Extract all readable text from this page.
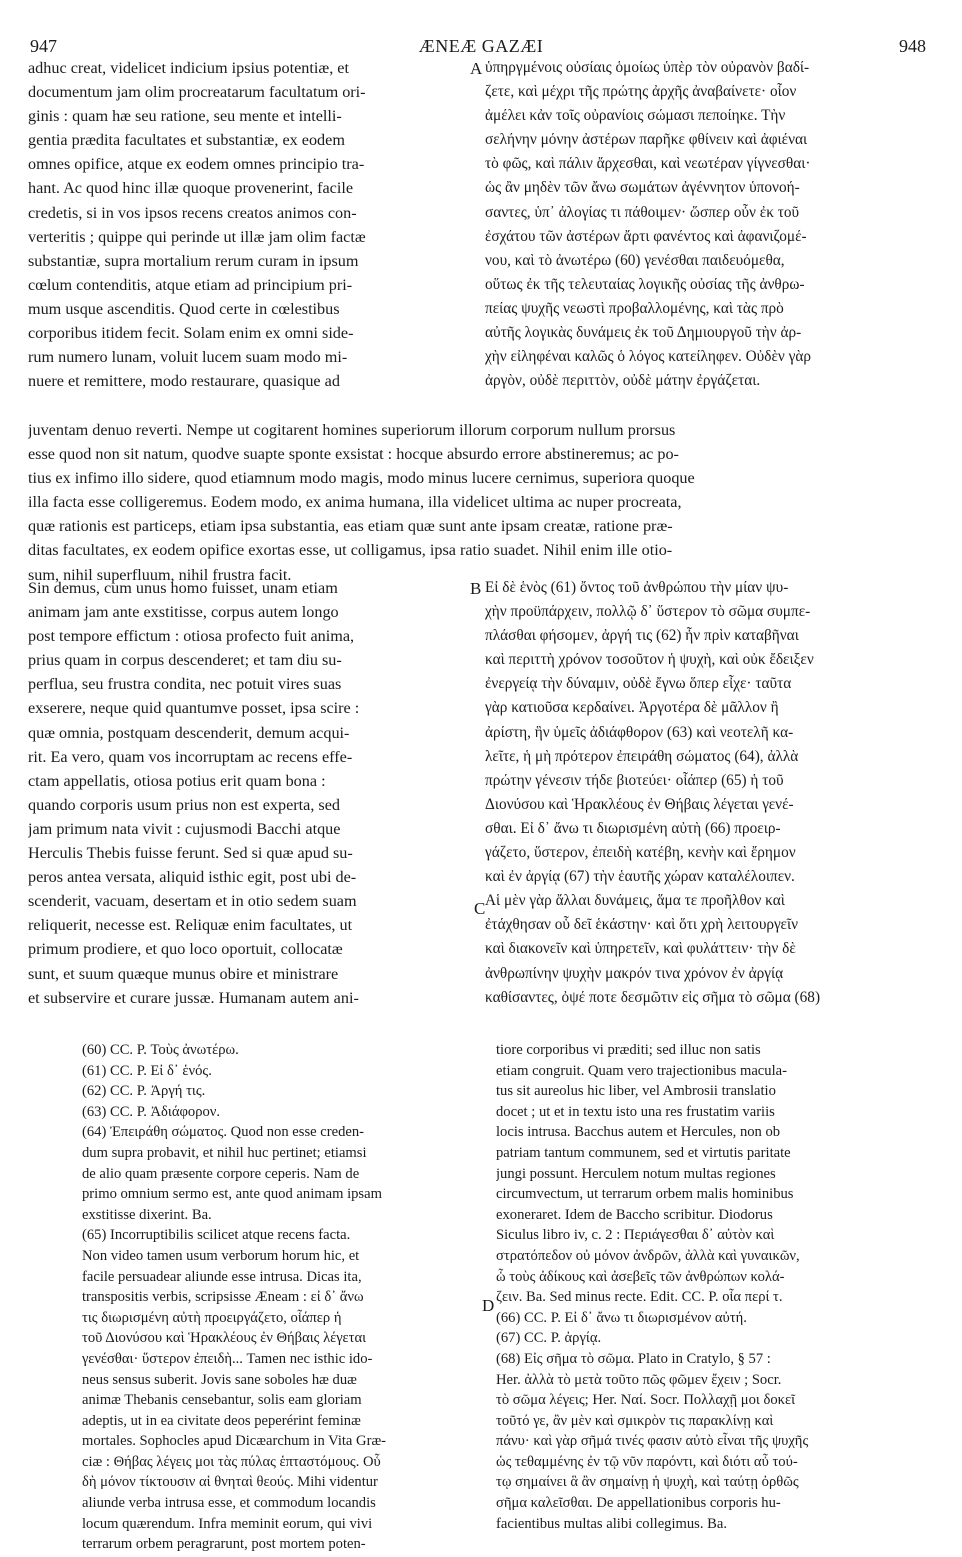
947	ÆNEÆ GAZÆI	948
A
B
C
D
adhuc creat, videlicet indicium ipsius potentiæ, et
documentum jam olim procreatarum facultatum ori-
ginis : quam hæ seu ratione, seu mente et intelli-
gentia prædita facultates et substantiæ, ex eodem
omnes opifice, atque ex eodem omnes principio tra-
hant. Ac quod hinc illæ quoque provenerint, facile
credetis, si in vos ipsos recens creatos animos con-
verteritis ; quippe qui perinde ut illæ jam olim factæ
substantiæ, supra mortalium rerum curam in ipsum
cœlum contenditis, atque etiam ad principium pri-
mum usque ascenditis. Quod certe in cœlestibus
corporibus itidem fecit. Solam enim ex omni side-
rum numero lunam, voluit lucem suam modo mi-
nuere et remittere, modo restaurare, quasique ad
ὑπηργμένοις οὐσίαις ὁμοίως ὑπὲρ τὸν οὐρανὸν βαδί-
ζετε, καὶ μέχρι τῆς πρώτης ἀρχῆς ἀναβαίνετε· οἷον
ἀμέλει κἀν τοῖς οὐρανίοις σώμασι πεποίηκε. Τὴν
σελήνην μόνην ἀστέρων παρῆκε φθίνειν καὶ ἀφιέναι
τὸ φῶς, καὶ πάλιν ἄρχεσθαι, καὶ νεωτέραν γίγνεσθαι·
ὡς ἂν μηδὲν τῶν ἄνω σωμάτων ἀγέννητον ὑπονοή-
σαντες, ὑπ᾿ ἀλογίας τι πάθοιμεν· ὥσπερ οὖν ἐκ τοῦ
ἐσχάτου τῶν ἀστέρων ἄρτι φανέντος καὶ ἀφανιζομέ-
νου, καὶ τὸ ἀνωτέρω (60) γενέσθαι παιδευόμεθα,
οὕτως ἐκ τῆς τελευταίας λογικῆς οὐσίας τῆς ἀνθρω-
πείας ψυχῆς νεωστὶ προβαλλομένης, καὶ τὰς πρὸ
αὐτῆς λογικὰς δυνάμεις ἐκ τοῦ Δημιουργοῦ τὴν ἀρ-
χὴν εἰληφέναι καλῶς ὁ λόγος κατείληφεν. Οὐδὲν γὰρ
ἀργὸν, οὐδὲ περιττὸν, οὐδὲ μάτην ἐργάζεται.
juventam denuo reverti. Nempe ut cogitarent homines superiorum illorum corporum nullum prorsus
esse quod non sit natum, quodve suapte sponte exsistat : hocque absurdo errore abstineremus; ac po-
tius ex infimo illo sidere, quod etiamnum modo magis, modo minus lucere cernimus, superiora quoque
illa facta esse colligeremus. Eodem modo, ex anima humana, illa videlicet ultima ac nuper procreata,
quæ rationis est particeps, etiam ipsa substantia, eas etiam quæ sunt ante ipsam creatæ, ratione præ-
ditas facultates, ex eodem opifice exortas esse, ut colligamus, ipsa ratio suadet. Nihil enim ille otio-
sum, nihil superfluum, nihil frustra facit.
Sin demus, cum unus homo fuisset, unam etiam
animam jam ante exstitisse, corpus autem longo
post tempore effictum : otiosa profecto fuit anima,
prius quam in corpus descenderet; et tam diu su-
perflua, seu frustra condita, nec potuit vires suas
exserere, neque quid quantumve posset, ipsa scire :
quæ omnia, postquam descenderit, demum acqui-
rit. Ea vero, quam vos incorruptam ac recens effe-
ctam appellatis, otiosa potius erit quam bona :
quando corporis usum prius non est experta, sed
jam primum nata vivit : cujusmodi Bacchi atque
Herculis Thebis fuisse ferunt. Sed si quæ apud su-
peros antea versata, aliquid isthic egit, post ubi de-
scenderit, vacuam, desertam et in otio sedem suam
reliquerit, necesse est. Reliquæ enim facultates, ut
primum prodiere, et quo loco oportuit, collocatæ
sunt, et suum quæque munus obire et ministrare
et subservire et curare jussæ. Humanam autem ani-
Εἰ δὲ ἑνὸς (61) ὄντος τοῦ ἀνθρώπου τὴν μίαν ψυ-
χὴν προϋπάρχειν, πολλῷ δ᾿ ὕστερον τὸ σῶμα συμπε-
πλάσθαι φήσομεν, ἀργή τις (62) ἦν πρὶν καταβῆναι
καὶ περιττὴ χρόνον τοσοῦτον ἡ ψυχὴ, καὶ οὐκ ἔδειξεν
ἐνεργείᾳ τὴν δύναμιν, οὐδὲ ἔγνω ὅπερ εἶχε· ταῦτα
γὰρ κατιοῦσα κερδαίνει. Ἀργοτέρα δὲ μᾶλλον ἢ
ἀρίστη, ἣν ὑμεῖς ἀδιάφθορον (63) καὶ νεοτελῆ κα-
λεῖτε, ἡ μὴ πρότερον ἐπειράθη σώματος (64), ἀλλὰ
πρώτην γένεσιν τήδε βιοτεύει· οἷάπερ (65) ἡ τοῦ
Διονύσου καὶ Ἡρακλέους ἐν Θήβαις λέγεται γενέ-
σθαι. Εἰ δ᾿ ἄνω τι διωρισμένη αὐτὴ (66) προειρ-
γάζετο, ὕστερον, ἐπειδὴ κατέβη, κενὴν καὶ ἔρημον
καὶ ἐν ἀργίᾳ (67) τὴν ἑαυτῆς χώραν καταλέλοιπεν.
Αἱ μὲν γὰρ ἄλλαι δυνάμεις, ἅμα τε προῆλθον καὶ
ἐτάχθησαν οὗ δεῖ ἑκάστην· καὶ ὅτι χρὴ λειτουργεῖν
καὶ διακονεῖν καὶ ὑπηρετεῖν, καὶ φυλάττειν· τὴν δὲ
ἀνθρωπίνην ψυχὴν μακρόν τινα χρόνον ἐν ἀργίᾳ
καθίσαντες, ὀψέ ποτε δεσμῶτιν εἰς σῆμα τὸ σῶμα (68)
(60) CC. P. Τοὺς ἀνωτέρω.
(61) CC. P. Εἰ δ᾿ ἑνός.
(62) CC. P. Ἀργή τις.
(63) CC. P. Ἀδιάφορον.
(64) Ἐπειράθη σώματος. Quod non esse creden-
dum supra probavit, et nihil huc pertinet; etiamsi
de alio quam præsente corpore ceperis. Nam de
primo omnium sermo est, ante quod animam ipsam
exstitisse dixerint. Ba.
(65) Incorruptibilis scilicet atque recens facta.
Non video tamen usum verborum horum hic, et
facile persuadear aliunde esse intrusa. Dicas ita,
transpositis verbis, scripsisse Æneam : εἰ δ᾿ ἄνω
τις διωρισμένη αὐτὴ προειργάζετο, οἷάπερ ἡ
τοῦ Διονύσου καὶ Ἡρακλέους ἐν Θήβαις λέγεται
γενέσθαι· ὕστερον ἐπειδὴ... Tamen nec isthic ido-
neus sensus suberit. Jovis sane soboles hæ duæ
animæ Thebanis censebantur, solis eam gloriam
adeptis, ut in ea civitate deos peperérint feminæ
mortales. Sophocles apud Dicæarchum in Vita Græ-
ciæ : Θήβας λέγεις μοι τὰς πύλας ἑπταστόμους. Οὗ
δὴ μόνον τίκτουσιν αἱ θνηταὶ θεούς. Mihi videntur
aliunde verba intrusa esse, et commodum locandis
locum quærendum. Infra meminit eorum, qui vivi
terrarum orbem peragrarunt, post mortem poten-
tiore corporibus vi præditi; sed illuc non satis
etiam congruit. Quam vero trajectionibus macula-
tus sit aureolus hic liber, vel Ambrosii translatio
docet ; ut et in textu isto una res frustatim variis
locis intrusa. Bacchus autem et Hercules, non ob
patriam tantum communem, sed et virtutis paritate
jungi possunt. Herculem notum multas regiones
circumvectum, ut terrarum orbem malis hominibus
exoneraret. Idem de Baccho scribitur. Diodorus
Siculus libro iv, c. 2 : Περιάγεσθαι δ᾿ αὐτὸν καὶ
στρατόπεδον οὐ μόνον ἀνδρῶν, ἀλλὰ καὶ γυναικῶν,
ὧ τοὺς ἀδίκους καὶ ἀσεβεῖς τῶν ἀνθρώπων κολά-
ζειν. Ba. Sed minus recte. Edit. CC. P. οἷα περί τ.
(66) CC. P. Εἰ δ᾿ ἄνω τι διωρισμένον αὐτή.
(67) CC. P. ἀργίᾳ.
(68) Εἰς σῆμα τὸ σῶμα. Plato in Cratylo, § 57 :
Her. ἀλλὰ τὸ μετὰ τοῦτο πῶς φῶμεν ἔχειν ; Socr.
τὸ σῶμα λέγεις; Her. Ναί. Socr. Πολλαχῇ μοι δοκεῖ
τοῦτό γε, ἂν μὲν καὶ σμικρὸν τις παρακλίνῃ καὶ
πάνυ· καὶ γὰρ σῆμά τινές φασιν αὐτὸ εἶναι τῆς ψυχῆς
ὡς τεθαμμένης ἐν τῷ νῦν παρόντι, καὶ διότι αὖ τού-
τῳ σημαίνει ἃ ἂν σημαίνῃ ἡ ψυχὴ, καὶ ταύτῃ ὀρθῶς
σῆμα καλεῖσθαι. De appellationibus corporis hu-
facientibus multas alibi collegimus. Ba.
